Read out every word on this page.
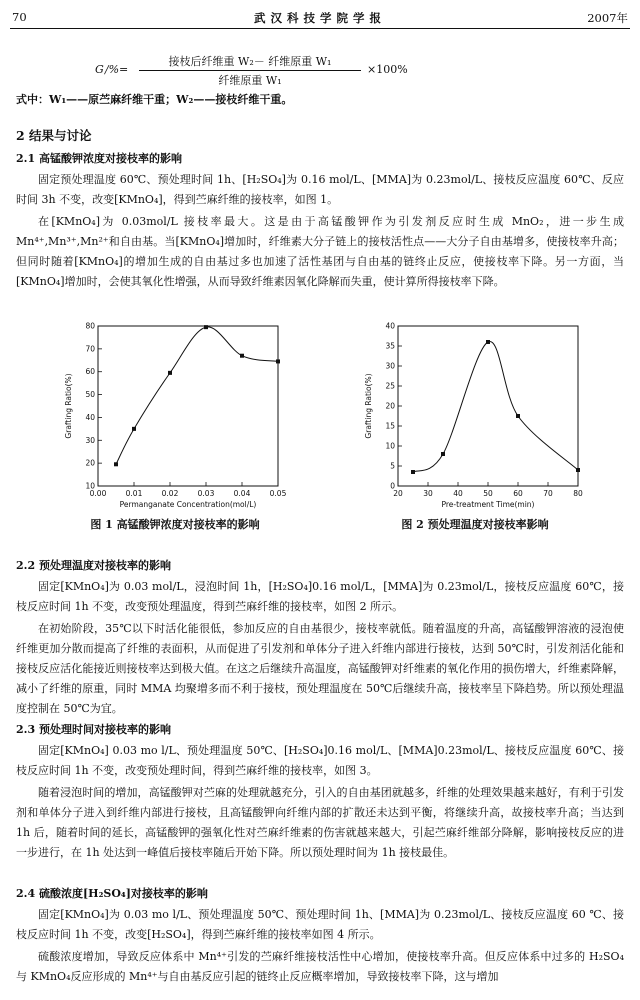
70	武汉科技学院学报	2007年
G /%=
接枝后纤维重 W₂－ 纤维原重 W₁
纤维原重 W₁
×100%
式中：W₁——原苎麻纤维干重；W₂——接枝纤维干重。
2 结果与讨论
2.1 高锰酸钾浓度对接枝率的影响
固定预处理温度 60℃、预处理时间 1h、[H₂SO₄]为 0.16 mol/L、[MMA]为 0.23mol/L、接枝反应温度 60℃、反应时间 3h 不变，改变[KMnO₄]，得到苎麻纤维的接枝率，如图 1。
在[KMnO₄]为 0.03mol/L 接枝率最大。这是由于高锰酸钾作为引发剂反应时生成 MnO₂，进一步生成 Mn⁴⁺,Mn³⁺,Mn²⁺和自由基。当[KMnO₄]增加时，纤维素大分子链上的接枝活性点——大分子自由基增多，使接枝率升高；但同时随着[KMnO₄]的增加生成的自由基过多也加速了活性基团与自由基的链终止反应，使接枝率下降。另一方面，当[KMnO₄]增加时，会使其氧化性增强，从而导致纤维素因氧化降解而失重，使计算所得接枝率下降。
0.00	0.01	0.02	0.03	0.04	0.05
10
20
30
40
50
60
70
80
Permanganate Concentration(mol/L)
Grafting Ratio(%)
20	30	40	50	60	70	80
0
5
10
15
20
25
30
35
40
Pre-treatment Time(min)
Grafting Ratio(%)
图 1 高锰酸钾浓度对接枝率的影响	图 2 预处理温度对接枝率影响
2.2 预处理温度对接枝率的影响
固定[KMnO₄]为 0.03 mol/L，浸泡时间 1h，[H₂SO₄]0.16 mol/L，[MMA]为 0.23mol/L，接枝反应温度 60℃，接枝反应时间 1h 不变，改变预处理温度，得到苎麻纤维的接枝率，如图 2 所示。
在初始阶段，35℃以下时活化能很低，参加反应的自由基很少，接枝率就低。随着温度的升高，高锰酸钾溶液的浸泡使纤维更加分散而提高了纤维的表面积，从而促进了引发剂和单体分子进入纤维内部进行接枝，达到 50℃时，引发剂活化能和接枝反应活化能接近则接枝率达到极大值。在这之后继续升高温度，高锰酸钾对纤维素的氧化作用的损伤增大，纤维素降解，减小了纤维的原重，同时 MMA 均聚增多而不利于接枝，预处理温度在 50℃后继续升高，接枝率呈下降趋势。所以预处理温度控制在 50℃为宜。
2.3 预处理时间对接枝率的影响
固定[KMnO₄] 0.03 mo l/L、预处理温度 50℃、[H₂SO₄]0.16 mol/L、[MMA]0.23mol/L、接枝反应温度 60℃、接枝反应时间 1h 不变，改变预处理时间，得到苎麻纤维的接枝率，如图 3。
随着浸泡时间的增加，高锰酸钾对苎麻的处理就越充分，引入的自由基团就越多，纤维的处理效果越来越好，有利于引发剂和单体分子进入到纤维内部进行接枝，且高锰酸钾向纤维内部的扩散还未达到平衡，将继续升高，故接枝率升高；当达到 1h 后，随着时间的延长，高锰酸钾的强氧化性对苎麻纤维素的伤害就越来越大，引起苎麻纤维部分降解，影响接枝反应的进一步进行，在 1h 处达到一峰值后接枝率随后开始下降。所以预处理时间为 1h 接枝最佳。
2.4 硫酸浓度[H₂SO₄]对接枝率的影响
固定[KMnO₄]为 0.03 mo l/L、预处理温度 50℃、预处理时间 1h、[MMA]为 0.23mol/L、接枝反应温度 60 ℃、接枝反应时间 1h 不变，改变[H₂SO₄]，得到苎麻纤维的接枝率如图 4 所示。
硫酸浓度增加，导致反应体系中 Mn⁴⁺引发的苎麻纤维接枝活性中心增加，使接枝率升高。但反应体系中过多的 H₂SO₄与 KMnO₄反应形成的 Mn⁴⁺与自由基反应引起的链终止反应概率增加，导致接枝率下降，这与增加
